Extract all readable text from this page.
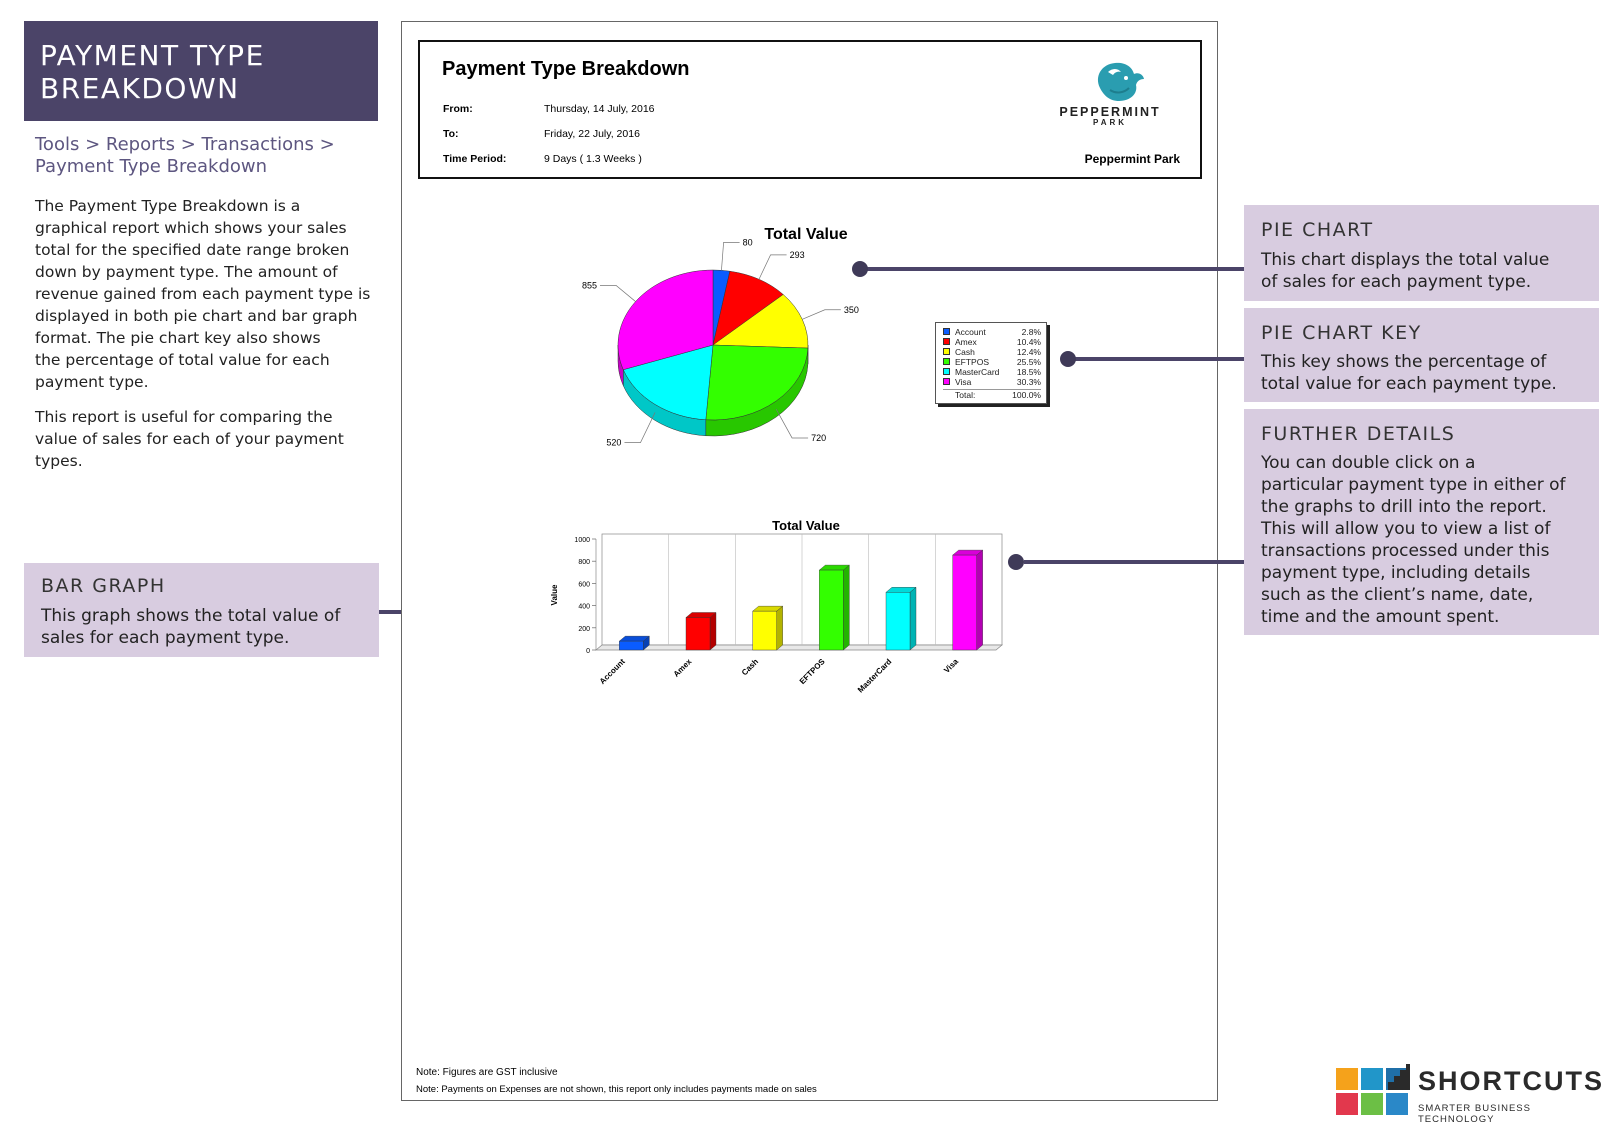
PAYMENT TYPE
BREAKDOWN
Tools > Reports > Transactions >
Payment Type Breakdown
The Payment Type Breakdown is a
graphical report which shows your sales
total for the specified date range broken
down by payment type. The amount of
revenue gained from each payment type is
displayed in both pie chart and bar graph
format. The pie chart key also shows
the percentage of total value for each
payment type.
This report is useful for comparing the
value of sales for each of your payment
types.
BAR GRAPH
This graph shows the total value of
sales for each payment type.
Payment Type Breakdown
From:	Thursday, 14 July, 2016
To:	Friday, 22 July, 2016
Time Period:	9 Days ( 1.3 Weeks )
PEPPERMINT
PARK
Peppermint Park
Total Value
80
293
350
720
520
855
Account	2.8%
Amex	10.4%
Cash	12.4%
EFTPOS	25.5%
MasterCard 18.5%
Visa	30.3%
Total:	100.0%
Total Value
0
200
400
600
800
1000
Value
Account	Amex	Cash	EFTPOS	MasterCard	Visa
Note: Figures are GST inclusive
Note: Payments on Expenses are not shown, this report only includes payments made on sales
PIE CHART
This chart displays the total value
of sales for each payment type.
PIE CHART KEY
This key shows the percentage of
total value for each payment type.
FURTHER DETAILS
You can double click on a
particular payment type in either of
the graphs to drill into the report.
This will allow you to view a list of
transactions processed under this
payment type, including details
such as the client’s name, date,
time and the amount spent.
SHORTCUTS
SMARTER BUSINESS TECHNOLOGY
